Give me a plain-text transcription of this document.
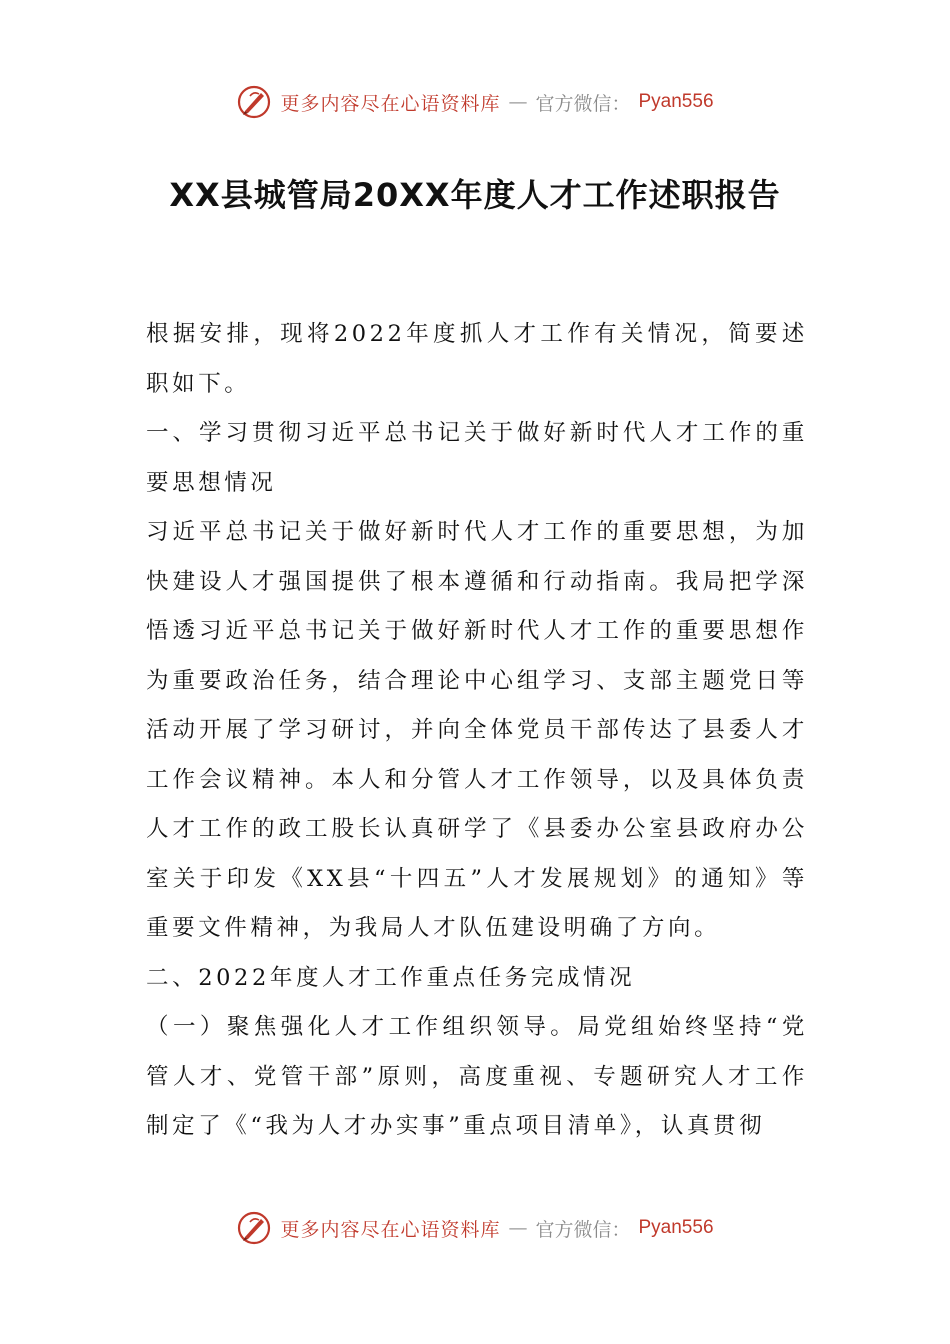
更多内容尽在心语资料库 — 官方微信： Pyan556
XX县城管局20XX年度人才工作述职报告

根据安排，现将2022年度抓人才工作有关情况，简要述职如下。

一、学习贯彻习近平总书记关于做好新时代人才工作的重要思想情况

习近平总书记关于做好新时代人才工作的重要思想，为加快建设人才强国提供了根本遵循和行动指南。我局把学深悟透习近平总书记关于做好新时代人才工作的重要思想作为重要政治任务，结合理论中心组学习、支部主题党日等活动开展了学习研讨，并向全体党员干部传达了县委人才工作会议精神。本人和分管人才工作领导，以及具体负责人才工作的政工股长认真研学了《县委办公室县政府办公室关于印发《XX县“十四五”人才发展规划》的通知》等重要文件精神，为我局人才队伍建设明确了方向。

二、2022年度人才工作重点任务完成情况

（一）聚焦强化人才工作组织领导。局党组始终坚持“党管人才、党管干部”原则，高度重视、专题研究人才工作制定了《“我为人才办实事”重点项目清单》，认真贯彻

更多内容尽在心语资料库 — 官方微信： Pyan556
